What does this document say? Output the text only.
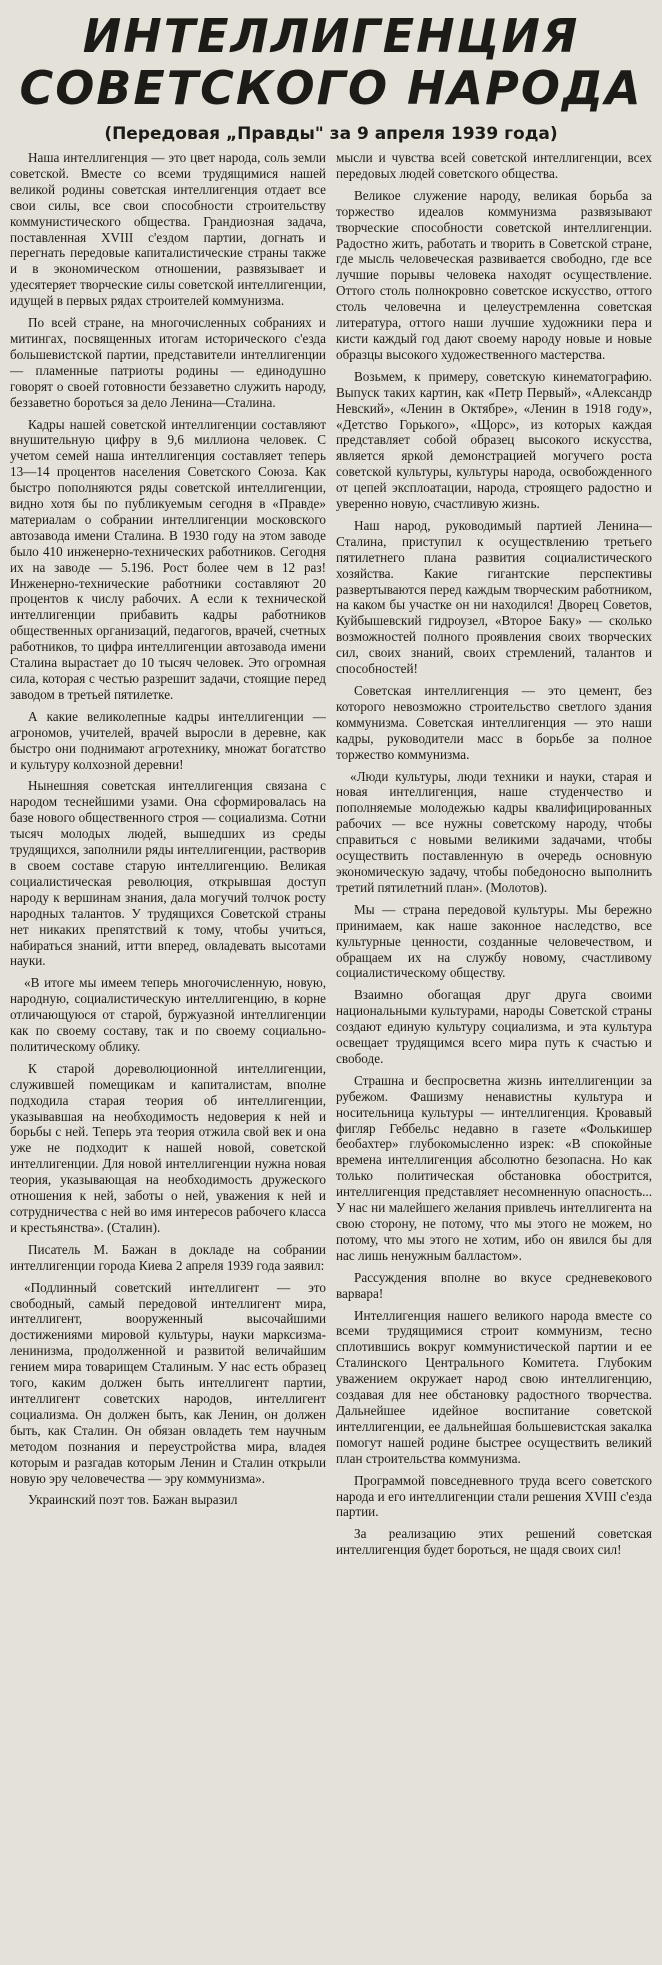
ИНТЕЛЛИГЕНЦИЯ СОВЕТСКОГО НАРОДА
(Передовая „Правды" за 9 апреля 1939 года)

Наша интеллигенция — это цвет народа, соль земли советской. Вместе со всеми трудящимися нашей великой родины советская интеллигенция отдает все свои силы, все свои способности строительству коммунистического общества. Грандиозная задача, поставленная XVIII с'ездом партии, догнать и перегнать передовые капиталистические страны также и в экономическом отношении, развязывает и удесятеряет творческие силы советской интеллигенции, идущей в первых рядах строителей коммунизма.

По всей стране, на многочисленных собраниях и митингах, посвященных итогам исторического с'езда большевистской партии, представители интеллигенции — пламенные патриоты родины — единодушно говорят о своей готовности беззаветно служить народу, беззаветно бороться за дело Ленина—Сталина.

Кадры нашей советской интеллигенции составляют внушительную цифру в 9,6 миллиона человек. С учетом семей наша интеллигенция составляет теперь 13—14 процентов населения Советского Союза. Как быстро пополняются ряды советской интеллигенции, видно хотя бы по публикуемым сегодня в «Правде» материалам о собрании интеллигенции московского автозавода имени Сталина. В 1930 году на этом заводе было 410 инженерно-технических работников. Сегодня их на заводе — 5.196. Рост более чем в 12 раз! Инженерно-технические работники составляют 20 процентов к числу рабочих. А если к технической интеллигенции прибавить кадры работников общественных организаций, педагогов, врачей, счетных работников, то цифра интеллигенции автозавода имени Сталина вырастает до 10 тысяч человек. Это огромная сила, которая с честью разрешит задачи, стоящие перед заводом в третьей пятилетке.

А какие великолепные кадры интеллигенции — агрономов, учителей, врачей выросли в деревне, как быстро они поднимают агротехнику, множат богатство и культуру колхозной деревни!

Нынешняя советская интеллигенция связана с народом теснейшими узами. Она сформировалась на базе нового общественного строя — социализма. Сотни тысяч молодых людей, вышедших из среды трудящихся, заполнили ряды интеллигенции, растворив в своем составе старую интеллигенцию. Великая социалистическая революция, открывшая доступ народу к вершинам знания, дала могучий толчок росту народных талантов. У трудящихся Советской страны нет никаких препятствий к тому, чтобы учиться, набираться знаний, итти вперед, овладевать высотами науки.

«В итоге мы имеем теперь многочисленную, новую, народную, социалистическую интеллигенцию, в корне отличающуюся от старой, буржуазной интеллигенции как по своему составу, так и по своему социально-политическому облику.

К старой дореволюционной интеллигенции, служившей помещикам и капиталистам, вполне подходила старая теория об интеллигенции, указывавшая на необходимость недоверия к ней и борьбы с ней. Теперь эта теория отжила свой век и она уже не подходит к нашей новой, советской интеллигенции. Для новой интеллигенции нужна новая теория, указывающая на необходимость дружеского отношения к ней, заботы о ней, уважения к ней и сотрудничества с ней во имя интересов рабочего класса и крестьянства». (Сталин).

Писатель М. Бажан в докладе на собрании интеллигенции города Киева 2 апреля 1939 года заявил:

«Подлинный советский интеллигент — это свободный, самый передовой интеллигент мира, интеллигент, вооруженный высочайшими достижениями мировой культуры, науки марксизма-ленинизма, продолженной и развитой величайшим гением мира товарищем Сталиным. У нас есть образец того, каким должен быть интеллигент партии, интеллигент советских народов, интеллигент социализма. Он должен быть, как Ленин, он должен быть, как Сталин. Он обязан овладеть тем научным методом познания и переустройства мира, владея которым и разгадав которым Ленин и Сталин открыли новую эру человечества — эру коммунизма».

Украинский поэт тов. Бажан выразил

мысли и чувства всей советской интеллигенции, всех передовых людей советского общества.

Великое служение народу, великая борьба за торжество идеалов коммунизма развязывают творческие способности советской интеллигенции. Радостно жить, работать и творить в Советской стране, где мысль человеческая развивается свободно, где все лучшие порывы человека находят осуществление. Оттого столь полнокровно советское искусство, оттого столь человечна и целеустремленна советская литература, оттого наши лучшие художники пера и кисти каждый год дают своему народу новые и новые образцы высокого художественного мастерства.

Возьмем, к примеру, советскую кинематографию. Выпуск таких картин, как «Петр Первый», «Александр Невский», «Ленин в Октябре», «Ленин в 1918 году», «Детство Горького», «Щорс», из которых каждая представляет собой образец высокого искусства, является яркой демонстрацией могучего роста советской культуры, культуры народа, освобожденного от цепей эксплоатации, народа, строящего радостно и уверенно новую, счастливую жизнь.

Наш народ, руководимый партией Ленина—Сталина, приступил к осуществлению третьего пятилетнего плана развития социалистического хозяйства. Какие гигантские перспективы развертываются перед каждым творческим работником, на каком бы участке он ни находился! Дворец Советов, Куйбышевский гидроузел, «Второе Баку» — сколько возможностей полного проявления своих творческих сил, своих знаний, своих стремлений, талантов и способностей!

Советская интеллигенция — это цемент, без которого невозможно строительство светлого здания коммунизма. Советская интеллигенция — это наши кадры, руководители масс в борьбе за полное торжество коммунизма.

«Люди культуры, люди техники и науки, старая и новая интеллигенция, наше студенчество и пополняемые молодежью кадры квалифицированных рабочих — все нужны советскому народу, чтобы справиться с новыми великими задачами, чтобы осуществить поставленную в очередь основную экономическую задачу, чтобы победоносно выполнить третий пятилетний план». (Молотов).

Мы — страна передовой культуры. Мы бережно принимаем, как наше законное наследство, все культурные ценности, созданные человечеством, и обращаем их на службу новому, счастливому социалистическому обществу.

Взаимно обогащая друг друга своими национальными культурами, народы Советской страны создают единую культуру социализма, и эта культура освещает трудящимся всего мира путь к счастью и свободе.

Страшна и беспросветна жизнь интеллигенции за рубежом. Фашизму ненавистны культура и носительница культуры — интеллигенция. Кровавый фигляр Геббельс недавно в газете «Фолькишер беобахтер» глубокомысленно изрек: «В спокойные времена интеллигенция абсолютно безопасна. Но как только политическая обстановка обострится, интеллигенция представляет несомненную опасность... У нас ни малейшего желания привлечь интеллигента на свою сторону, не потому, что мы этого не можем, но потому, что мы этого не хотим, ибо он явился бы для нас лишь ненужным балластом».

Рассуждения вполне во вкусе средневекового варвара!

Интеллигенция нашего великого народа вместе со всеми трудящимися строит коммунизм, тесно сплотившись вокруг коммунистической партии и ее Сталинского Центрального Комитета. Глубоким уважением окружает народ свою интеллигенцию, создавая для нее обстановку радостного творчества. Дальнейшее идейное воспитание советской интеллигенции, ее дальнейшая большевистская закалка помогут нашей родине быстрее осуществить великий план строительства коммунизма.

Программой повседневного труда всего советского народа и его интеллигенции стали решения XVIII с'езда партии.

За реализацию этих решений советская интеллигенция будет бороться, не щадя своих сил!
